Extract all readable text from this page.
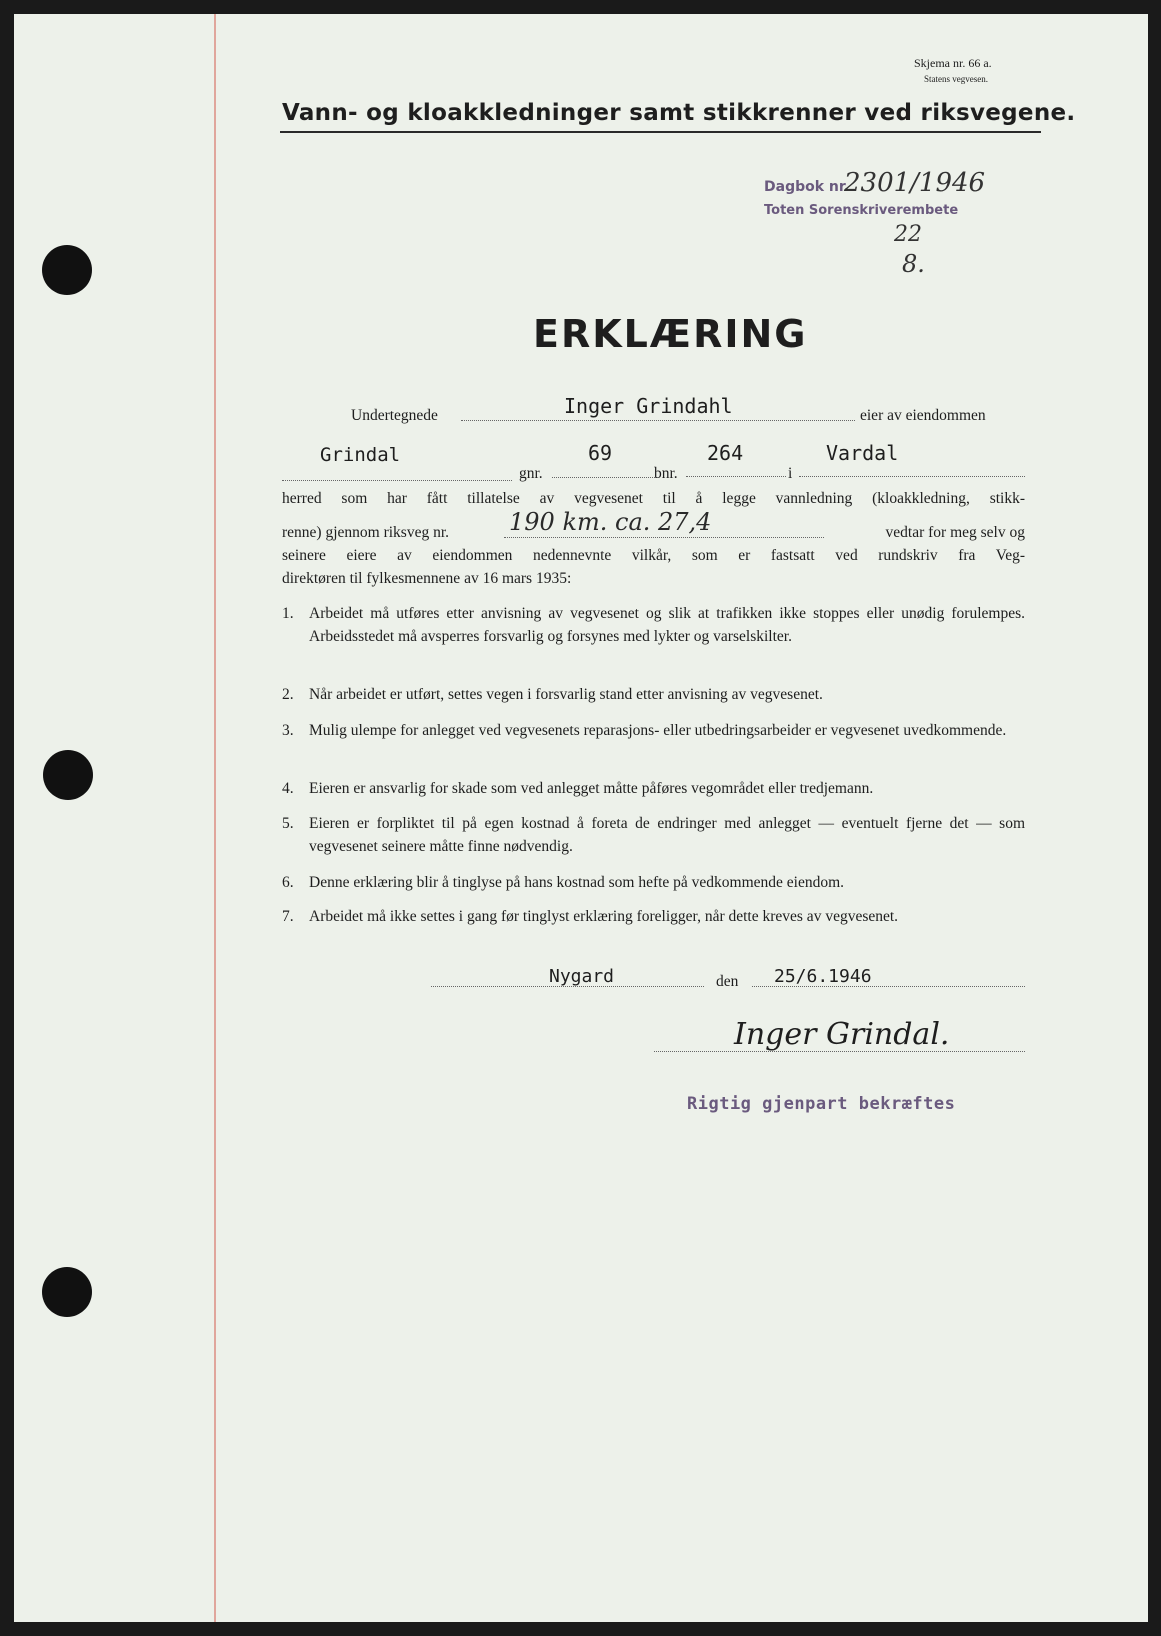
Skjema nr. 66 a.
Statens vegvesen.
Vann- og kloakkledninger samt stikkrenner ved riksvegene.
Dagbok nr.
2301/1946
Toten Sorenskriverembete
22
8.
ERKLÆRING
Undertegnede	Inger Grindahl	eier av eiendommen
Grindal
gnr.
69
bnr.
264
i
Vardal
herred som har fått tillatelse av vegvesenet til å legge vannledning (kloakkledning, stikk-
renne) gjennom riksveg nr. 190 km. ca. 27,4	vedtar for meg selv og
seinere eiere av eiendommen nedennevnte vilkår, som er fastsatt ved rundskriv fra Veg-
direktøren til fylkesmennene av 16 mars 1935:
1. Arbeidet må utføres etter anvisning av vegvesenet og slik at trafikken ikke stoppes eller unødig forulempes. Arbeidsstedet må avsperres forsvarlig og forsynes med lykter og varselskilter.
2. Når arbeidet er utført, settes vegen i forsvarlig stand etter anvisning av vegvesenet.
3. Mulig ulempe for anlegget ved vegvesenets reparasjons- eller utbedringsarbeider er vegvesenet uvedkommende.
4. Eieren er ansvarlig for skade som ved anlegget måtte påføres vegområdet eller tredjemann.
5. Eieren er forpliktet til på egen kostnad å foreta de endringer med anlegget — eventuelt fjerne det — som vegvesenet seinere måtte finne nødvendig.
6. Denne erklæring blir å tinglyse på hans kostnad som hefte på vedkommende eiendom.
7. Arbeidet må ikke settes i gang før tinglyst erklæring foreligger, når dette kreves av vegvesenet.
Nygard	den 25/6.1946
Inger Grindal.
Rigtig gjenpart bekræftes
